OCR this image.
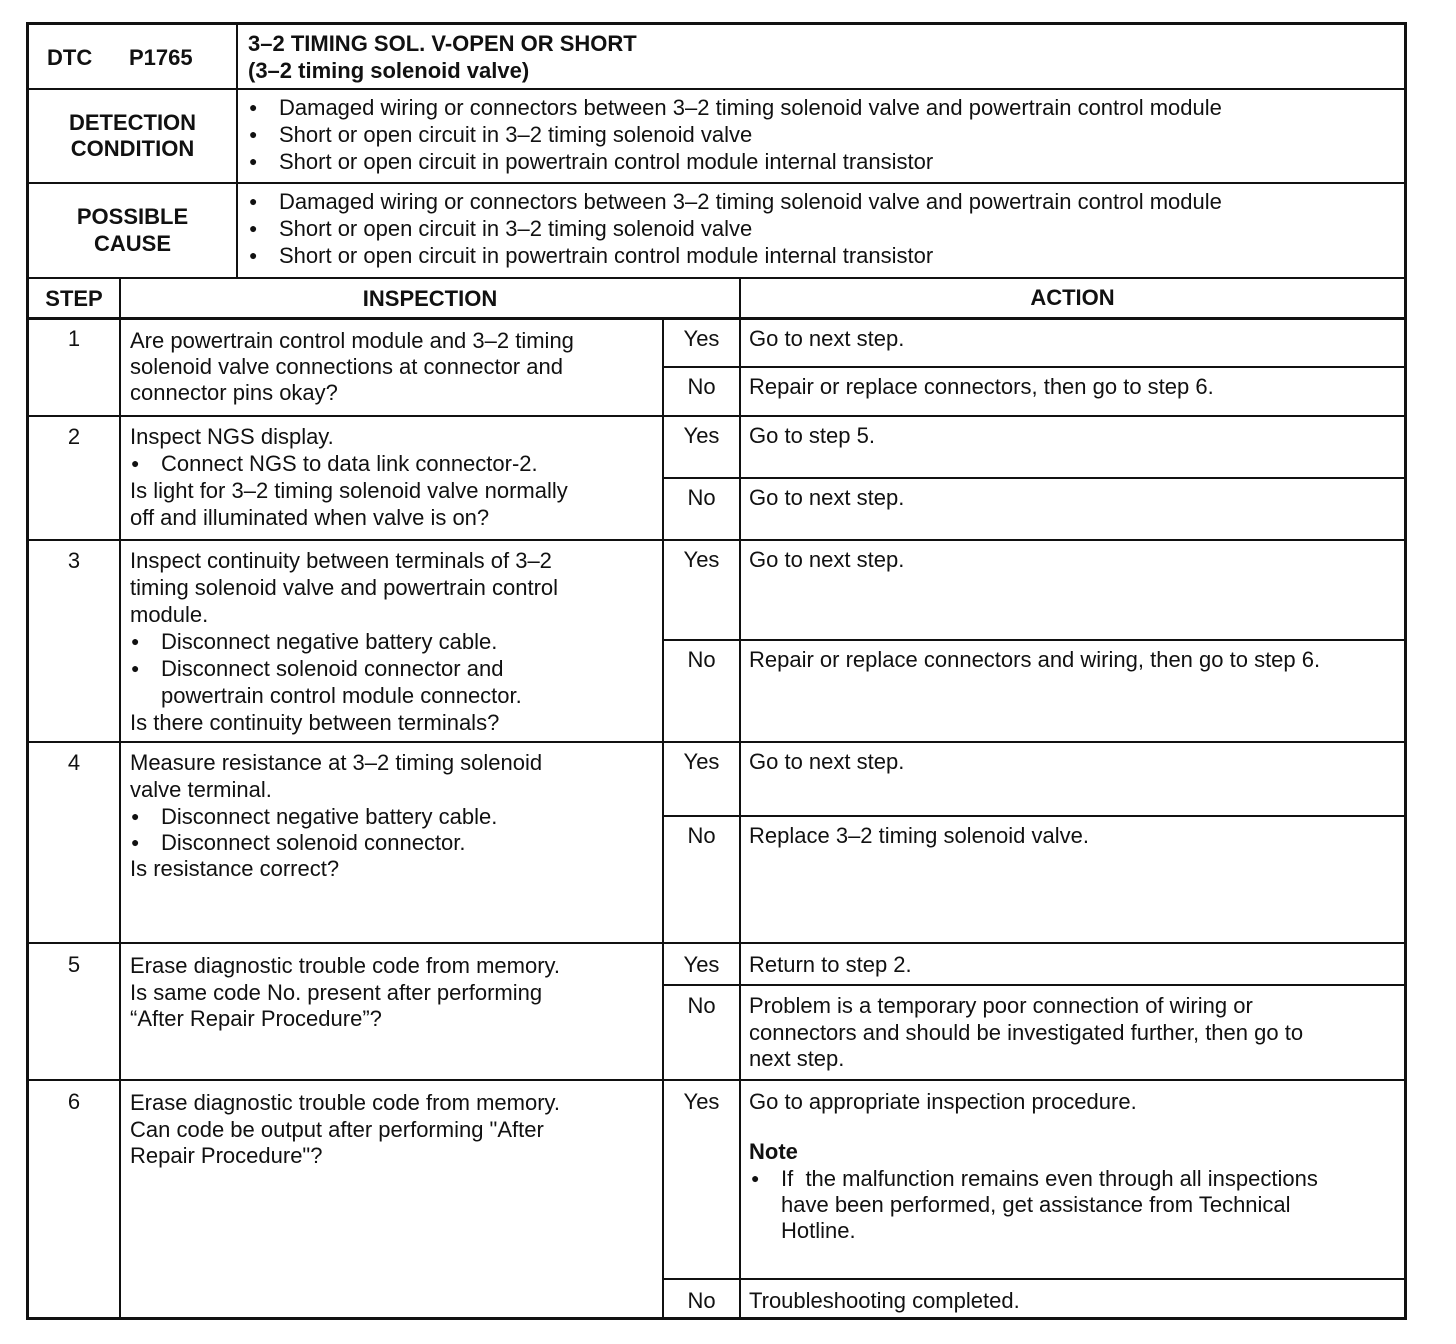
DTC P1765
3–2 TIMING SOL. V-OPEN OR SHORT
(3–2 timing solenoid valve)
DETECTION
CONDITION
● Damaged wiring or connectors between 3–2 timing solenoid valve and powertrain control module
● Short or open circuit in 3–2 timing solenoid valve
● Short or open circuit in powertrain control module internal transistor
POSSIBLE
CAUSE
● Damaged wiring or connectors between 3–2 timing solenoid valve and powertrain control module
● Short or open circuit in 3–2 timing solenoid valve
● Short or open circuit in powertrain control module internal transistor
STEP	INSPECTION	ACTION
1	Are powertrain control module and 3–2 timing
solenoid valve connections at connector and
connector pins okay?
Yes	Go to next step.
No	Repair or replace connectors, then go to step 6.
2	Inspect NGS display.
● Connect NGS to data link connector-2.
Is light for 3–2 timing solenoid valve normally
off and illuminated when valve is on?
Yes	Go to step 5.
No	Go to next step.
3	Inspect continuity between terminals of 3–2
timing solenoid valve and powertrain control
module.
● Disconnect negative battery cable.
● Disconnect solenoid connector and
powertrain control module connector.
Is there continuity between terminals?
Yes	Go to next step.
No	Repair or replace connectors and wiring, then go to step 6.
4	Measure resistance at 3–2 timing solenoid
valve terminal.
● Disconnect negative battery cable.
● Disconnect solenoid connector.
Is resistance correct?
Yes	Go to next step.
No	Replace 3–2 timing solenoid valve.
5	Erase diagnostic trouble code from memory.
Is same code No. present after performing
“After Repair Procedure”?
Yes	Return to step 2.
No	Problem is a temporary poor connection of wiring or
connectors and should be investigated further, then go to
next step.
6	Erase diagnostic trouble code from memory.
Can code be output after performing "After
Repair Procedure"?
Yes	Go to appropriate inspection procedure.
Note
● If  the malfunction remains even through all inspections
have been performed, get assistance from Technical
Hotline.
No	Troubleshooting completed.
